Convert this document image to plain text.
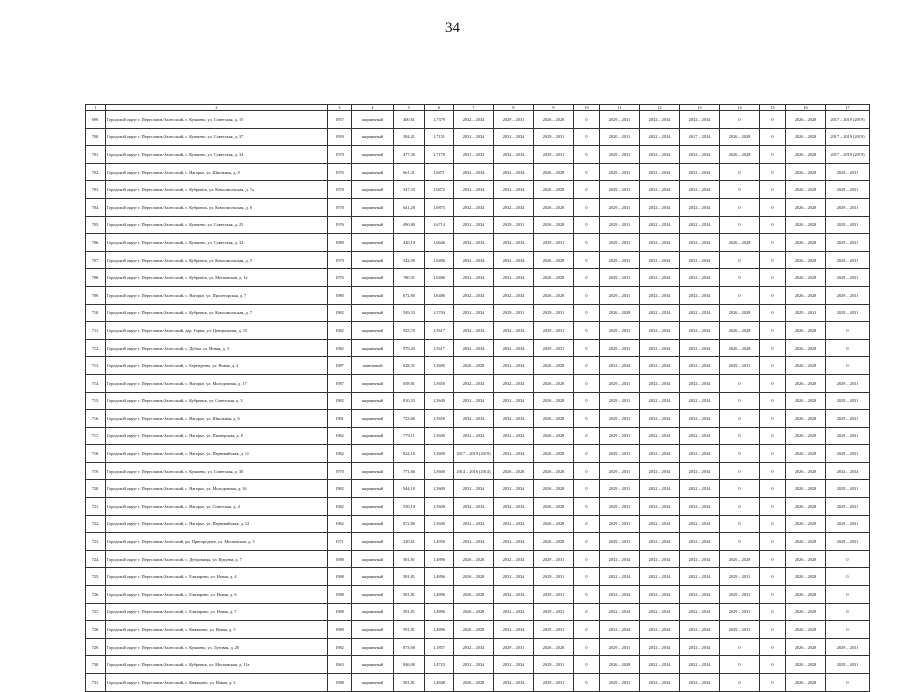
34
1	2	3	4	5	6	7	8	9	10	11	12	13	14	15	16	17
699.	Городской округ г. Переславль-Залесский, с. Кукшево, ул. Советская, д. 15	1957	кирпичный	400,61	1,7379	2032 – 2034	2029 – 2031	2026 – 2028	0	2029 – 2031	2032 – 2034	2032 – 2034	0	0	2026 – 2028	2017 – 2019 (2019)
700.	Городской округ г. Переславль-Залесский, с. Кукшево, ул. Советская, д. 37	1959	кирпичный	384,21	1,7151	2032 – 2034	2032 – 2034	2029 – 2031	0	2020 – 2031	2032 – 2034	2017 – 2034	2026 – 2028	0	2026 – 2028	2017 – 2019 (2019)
701.	Городской округ г. Переславль-Залесский, с. Кукшево, ул. Советская, д. 34	1979	кирпичный	477,30	1,7178	2031 – 2033	2032 – 2034	2029 – 2031	0	2029 – 2031	2032 – 2034	2032 – 2034	2026 – 2028	0	2026 – 2028	2017 – 2019 (2019)
702.	Городской округ г. Переславль-Залесский, с. Нагорье, ул. Школьная, д. 8	1976	кирпичный	661,31	1,6871	2032 – 2034	2032 – 2034	2026 – 2028	0	2029 – 2031	2032 – 2034	2032 – 2034	0	0	2026 – 2028	2029 – 2031
703.	Городской округ г. Переславль-Залесский, с. Кубринск, ул. Комсомольская, д. 7а	1978	кирпичный	547,33	1,6872	2032 – 2034	2032 – 2034	2026 – 2028	0	2029 – 2031	2032 – 2034	2032 – 2034	0	0	2026 – 2028	2029 – 2031
704.	Городской округ г. Переславль-Залесский, с. Кубринск, ул. Комсомольская, д. 6	1978	кирпичный	641,20	1,6875	2032 – 2034	2032 – 2034	2026 – 2028	0	2029 – 2031	2032 – 2034	2032 – 2034	0	0	2026 – 2028	2029 – 2031
705.	Городской округ г. Переславль-Залесский, с. Кукшево, ул. Советская, д. 25	1976	кирпичный	490,80	1,6714	2032 – 2034	2029 – 2031	2026 – 2028	0	2029 – 2031	2032 – 2034	2032 – 2034	0	0	2026 – 2028	2029 – 2031
706.	Городской округ г. Переславль-Залесский, с. Кукшево, ул. Советская, д. 32	1980	кирпичный	420,10	1,6646	2032 – 2034	2032 – 2034	2029 – 2031	0	2029 – 2031	2032 – 2034	2032 – 2034	2026 – 2028	0	2026 – 2028	2029 – 2031
707.	Городской округ г. Переславль-Залесский, с. Кубринск, ул. Комсомольская, д. 5	1979	кирпичный	542,00	1,6486	2032 – 2034	2032 – 2034	2026 – 2028	0	2029 – 2031	2032 – 2034	2032 – 2034	0	0	2026 – 2028	2029 – 2031
708.	Городской округ г. Переславль-Залесский, с. Кубринск, ул. Московская, д. 1а	1976	кирпичный	780,31	1,6486	2032 – 2034	2032 – 2034	2026 – 2028	0	2029 – 2031	2032 – 2034	2032 – 2034	0	0	2026 – 2028	2029 – 2031
709.	Городской округ г. Переславль-Залесский, с. Нагорье, ул. Пролетарская, д. 7	1980	кирпичный	672,80	1,6486	2032 – 2034	2032 – 2034	2026 – 2028	0	2029 – 2031	2032 – 2034	2032 – 2034	0	0	2026 – 2028	2029 – 2031
710.	Городской округ г. Переславль-Залесский, с. Кубринск, ул. Комсомольская, д. 7	1982	кирпичный	549,53	1,5704	2032 – 2034	2029 – 2031	2029 – 2031	0	2026 – 2028	2032 – 2034	2032 – 2034	2026 – 2028	0	2029 – 2031	2029 – 2031
711.	Городской округ г. Переславль-Залесский, дер. Горки, ул. Центральная, д. 15	1982	кирпичный	925,70	1,5617	2032 – 2034	2032 – 2034	2029 – 2031	0	2029 – 2031	2032 – 2034	2032 – 2034	2026 – 2028	0	2026 – 2028	0
712.	Городской округ г. Переславль-Залесский, с. Дубки, ул. Новая, д. 3	1982	кирпичный	979,20	1,5617	2032 – 2034	2032 – 2034	2029 – 2031	0	2029 – 2031	2032 – 2034	2032 – 2034	2026 – 2028	0	2026 – 2028	0
713.	Городской округ г. Переславль-Залесский, с. Берендеево, ул. Новая, д. 2	1987	панельный	628,31	1,5695	2026 – 2028	2032 – 2034	2026 – 2028	0	2032 – 2034	2032 – 2034	2032 – 2034	2029 – 2031	0	2026 – 2028	0
714.	Городской округ г. Переславль-Залесский, с. Нагорье, ул. Молодежная, д. 17	1987	кирпичный	658,81	1,5650	2032 – 2034	2032 – 2034	2026 – 2028	0	2029 – 2031	2032 – 2034	2032 – 2034	0	0	2026 – 2028	2029 – 2031
715.	Городской округ г. Переславль-Залесский, с. Кубринск, ул. Советская, д. 3	1982	кирпичный	810,53	1,5649	2032 – 2034	2032 – 2034	2026 – 2028	0	2029 – 2031	2032 – 2034	2032 – 2034	0	0	2026 – 2028	2029 – 2031
716.	Городской округ г. Переславль-Залесский, с. Нагорье, ул. Школьная, д. 6	1981	кирпичный	723,60	1,5659	2032 – 2034	2032 – 2034	2026 – 2028	0	2029 – 2031	2032 – 2034	2032 – 2034	0	0	2026 – 2028	2029 – 2031
717.	Городской округ г. Переславль-Залесский, с. Нагорье, ул. Пионерская, д. 8	1982	кирпичный	779,11	1,5600	2032 – 2034	2032 – 2034	2026 – 2028	0	2029 – 2031	2032 – 2034	2032 – 2034	0	0	2026 – 2028	2029 – 2031
718.	Городской округ г. Переславль-Залесский, с. Нагорье, ул. Первомайская, д. 11	1982	кирпичный	824,10	1,5600	2017 – 2019 (2019)	2032 – 2034	2026 – 2028	0	2029 – 2031	2032 – 2034	2032 – 2034	0	0	2026 – 2028	2029 – 2031
719.	Городской округ г. Переславль-Залесский, с. Кукшево, ул. Советская, д. 30	1970	кирпичный	771,66	1,5600	2014 – 2016 (2014)	2026 – 2028	2026 – 2028	0	2029 – 2031	2032 – 2034	2032 – 2034	0	0	2026 – 2028	2032 – 2034
720.	Городской округ г. Переславль-Залесский, с. Нагорье, ул. Молодежная, д. 16	1982	кирпичный	944,10	1,5600	2032 – 2034	2032 – 2034	2026 – 2028	0	2029 – 2031	2032 – 2034	2032 – 2034	0	0	2026 – 2028	2029 – 2031
721.	Городской округ г. Переславль-Залесский, с. Нагорье, ул. Советская, д. 4	1982	кирпичный	530,10	1,5600	2032 – 2034	2032 – 2034	2026 – 2028	0	2029 – 2031	2032 – 2034	2032 – 2034	0	0	2026 – 2028	2029 – 2031
722.	Городской округ г. Переславль-Залесский, с. Нагорье, ул. Первомайская, д. 12	1982	кирпичный	872,80	1,5600	2032 – 2034	2032 – 2034	2026 – 2028	0	2029 – 2031	2032 – 2034	2032 – 2034	0	0	2026 – 2028	2029 – 2031
723.	Городской округ г. Переславль-Залесский, рп. Пригородное, ул. Московская, д. 5	1971	кирпичный	230,61	1,4950	2032 – 2034	2032 – 2034	2026 – 2028	0	2029 – 2031	2032 – 2034	2032 – 2034	0	0	2026 – 2028	2029 – 2031
724.	Городской округ г. Переславль-Залесский, с. Дубровицы, ул. Кукуева, д. 7	1988	кирпичный	581,81	1,4896	2026 – 2028	2032 – 2034	2029 – 2031	0	2032 – 2034	2032 – 2034	2032 – 2034	2026 – 2028	0	2026 – 2028	0
725.	Городской округ г. Переславль-Залесский, с. Елизарово, ул. Новая, д. 4	1988	кирпичный	581,81	1,4896	2026 – 2028	2032 – 2034	2029 – 2031	0	2032 – 2034	2032 – 2034	2032 – 2034	2029 – 2031	0	2026 – 2028	0
726.	Городской округ г. Переславль-Залесский, с. Елизарово, ул. Новая, д. 6	1988	кирпичный	581,81	1,4896	2026 – 2028	2032 – 2034	2029 – 2031	0	2032 – 2034	2032 – 2034	2032 – 2034	2029 – 2031	0	2026 – 2028	0
727.	Городской округ г. Переславль-Залесский, с. Елизарово, ул. Новая, д. 7	1988	кирпичный	581,81	1,4896	2026 – 2028	2032 – 2034	2029 – 2031	0	2032 – 2034	2032 – 2034	2032 – 2034	2029 – 2031	0	2026 – 2028	0
728.	Городской округ г. Переславль-Залесский, с. Княжьево, ул. Новая, д. 5	1989	кирпичный	591,81	1,4896	2026 – 2028	2032 – 2034	2029 – 2031	0	2032 – 2034	2032 – 2034	2032 – 2034	2029 – 2031	0	2026 – 2028	0
729.	Городской округ г. Переславль-Залесский, с. Кукшево, ул. Луговая, д. 20	1982	кирпичный	873,00	1,1857	2032 – 2034	2029 – 2031	2026 – 2028	0	2029 – 2031	2032 – 2034	2032 – 2034	0	0	2026 – 2028	2029 – 2031
730.	Городской округ г. Переславль-Залесский, с. Кубринск, ул. Московская, д. 11а	1963	кирпичный	846,00	1,4723	2032 – 2034	2032 – 2034	2029 – 2031	0	2026 – 2028	2032 – 2034	2032 – 2034	0	0	2026 – 2028	2029 – 2031
731.	Городской округ г. Переславль-Залесский, с. Княжьево, ул. Новая, д. 2	1988	кирпичный	581,81	1,4848	2026 – 2028	2032 – 2034	2029 – 2031	0	2029 – 2031	2032 – 2034	2032 – 2034	0	0	2026 – 2028	0
